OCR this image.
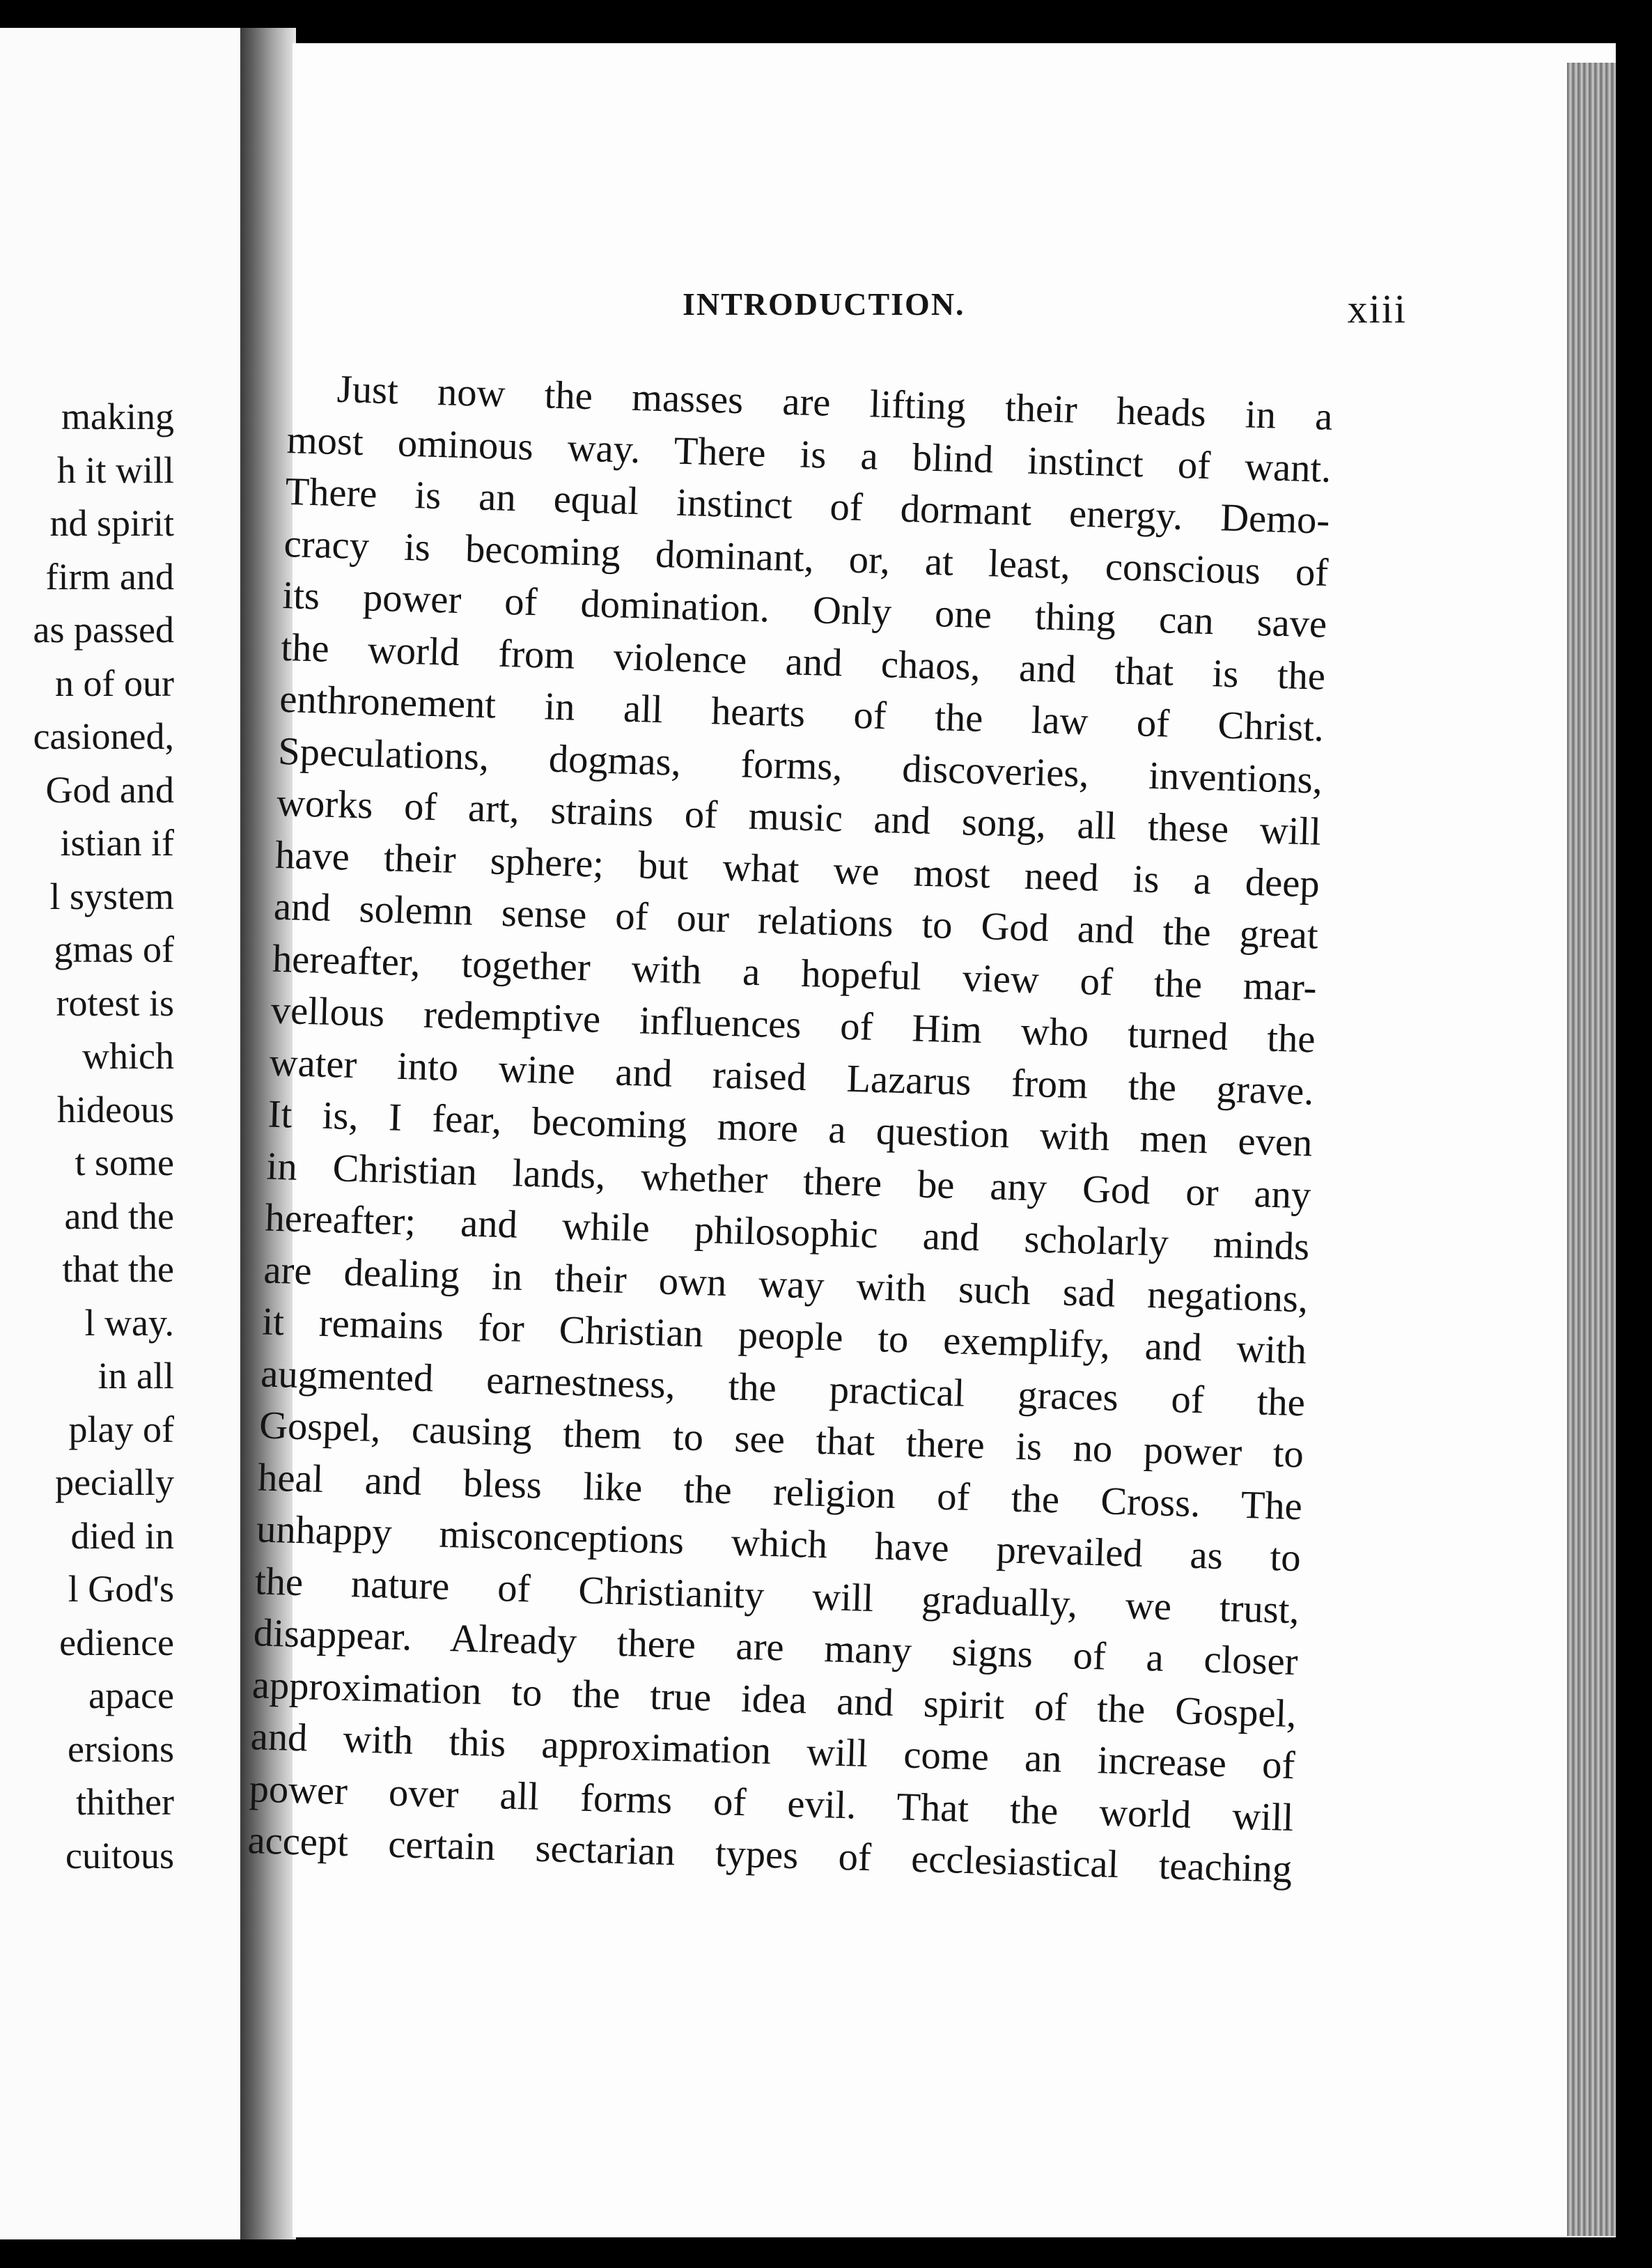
making
h it will
nd spirit
firm and
as passed
n of our
casioned,
God and
istian if
l system
gmas of
rotest is
which
hideous
t some
and the
that the
l way.
in all
play of
pecially
died in
l God's
edience
apace
ersions
thither
cuitous
INTRODUCTION.	xiii
Just now the masses are lifting their heads in a
most ominous way. There is a blind instinct of want.
There is an equal instinct of dormant energy. Demo-
cracy is becoming dominant, or, at least, conscious of
its power of domination. Only one thing can save
the world from violence and chaos, and that is the
enthronement in all hearts of the law of Christ.
Speculations, dogmas, forms, discoveries, inventions,
works of art, strains of music and song, all these will
have their sphere; but what we most need is a deep
and solemn sense of our relations to God and the great
hereafter, together with a hopeful view of the mar-
vellous redemptive influences of Him who turned the
water into wine and raised Lazarus from the grave.
It is, I fear, becoming more a question with men even
in Christian lands, whether there be any God or any
hereafter; and while philosophic and scholarly minds
are dealing in their own way with such sad negations,
it remains for Christian people to exemplify, and with
augmented earnestness, the practical graces of the
Gospel, causing them to see that there is no power to
heal and bless like the religion of the Cross. The
unhappy misconceptions which have prevailed as to
the nature of Christianity will gradually, we trust,
disappear. Already there are many signs of a closer
approximation to the true idea and spirit of the Gospel,
and with this approximation will come an increase of
power over all forms of evil. That the world will
accept certain sectarian types of ecclesiastical teaching
